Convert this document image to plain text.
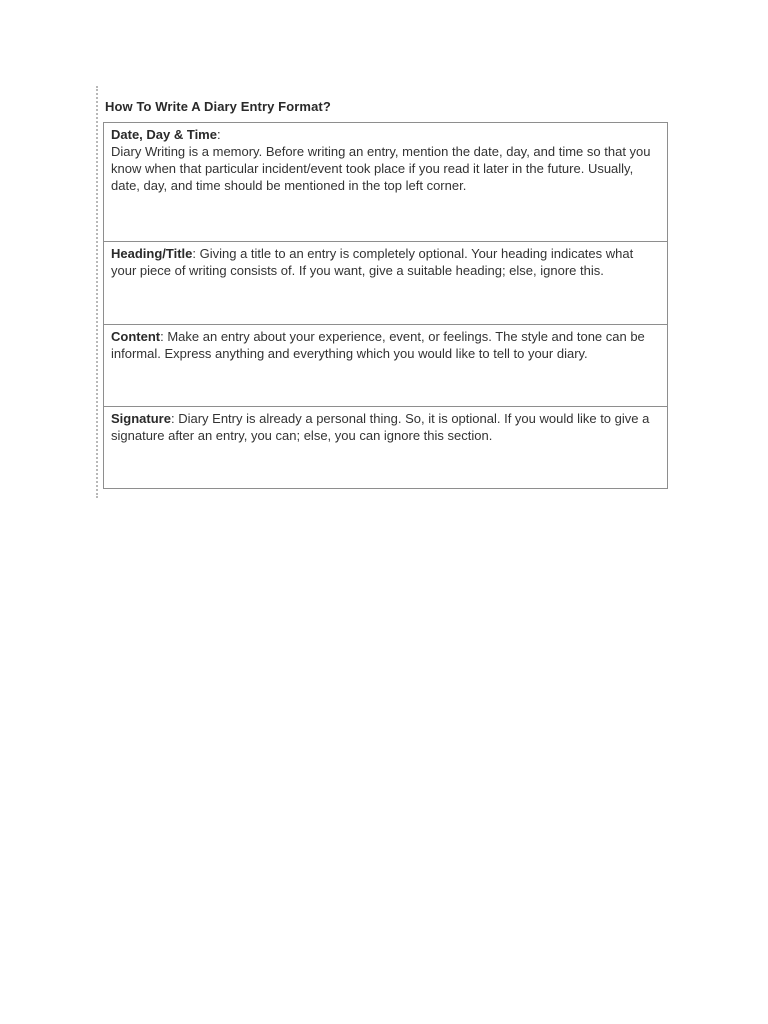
How To Write A Diary Entry Format?
Date, Day & Time:
Diary Writing is a memory. Before writing an entry, mention the date, day, and time so that you know when that particular incident/event took place if you read it later in the future. Usually, date, day, and time should be mentioned in the top left corner.
Heading/Title: Giving a title to an entry is completely optional. Your heading indicates what your piece of writing consists of. If you want, give a suitable heading; else, ignore this.
Content: Make an entry about your experience, event, or feelings. The style and tone can be informal. Express anything and everything which you would like to tell to your diary.
Signature: Diary Entry is already a personal thing. So, it is optional. If you would like to give a signature after an entry, you can; else, you can ignore this section.
